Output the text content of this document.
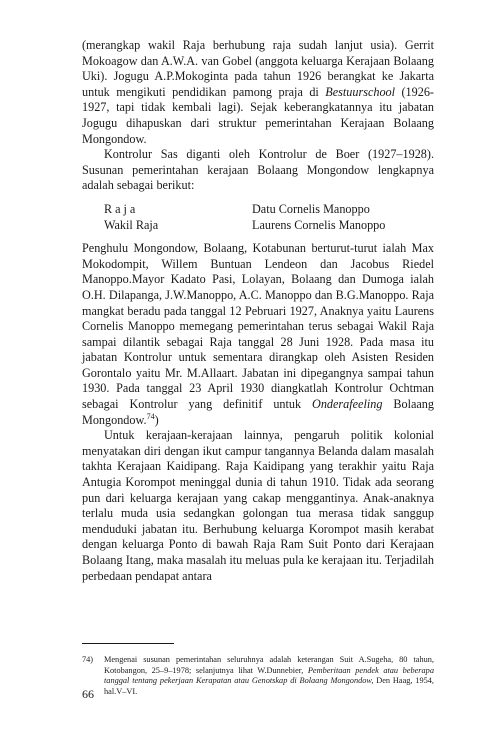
(merangkap wakil Raja berhubung raja sudah lanjut usia). Gerrit Mokoagow dan A.W.A. van Gobel (anggota keluarga Kerajaan Bolaang Uki). Jogugu A.P.Mokoginta pada tahun 1926 berangkat ke Jakarta untuk mengikuti pendidikan pamong praja di Bestuurschool (1926-1927, tapi tidak kembali lagi). Sejak keberangkatannya itu jabatan Jogugu dihapuskan dari struktur pemerintahan Kerajaan Bolaang Mongondow.

Kontrolur Sas diganti oleh Kontrolur de Boer (1927–1928). Susunan pemerintahan kerajaan Bolaang Mongondow lengkapnya adalah sebagai berikut:

Raja	Datu Cornelis Manoppo
Wakil Raja	Laurens Cornelis Manoppo

Penghulu Mongondow, Bolaang, Kotabunan berturut-turut ialah Max Mokodompit, Willem Buntuan Lendeon dan Jacobus Riedel Manoppo.Mayor Kadato Pasi, Lolayan, Bolaang dan Dumoga ialah O.H. Dilapanga, J.W.Manoppo, A.C. Manoppo dan B.G.Manoppo. Raja mangkat beradu pada tanggal 12 Pebruari 1927, Anaknya yaitu Laurens Cornelis Manoppo memegang pemerintahan terus sebagai Wakil Raja sampai dilantik sebagai Raja tanggal 28 Juni 1928. Pada masa itu jabatan Kontrolur untuk sementara dirangkap oleh Asisten Residen Gorontalo yaitu Mr. M.Allaart. Jabatan ini dipegangnya sampai tahun 1930. Pada tanggal 23 April 1930 diangkatlah Kontrolur Ochtman sebagai Kontrolur yang definitif untuk Onderafeeling Bolaang Mongondow.$^{74}$)

Untuk kerajaan-kerajaan lainnya, pengaruh politik kolonial menyatakan diri dengan ikut campur tangannya Belanda dalam masalah takhta Kerajaan Kaidipang. Raja Kaidipang yang terakhir yaitu Raja Antugia Korompot meninggal dunia di tahun 1910. Tidak ada seorang pun dari keluarga kerajaan yang cakap menggantinya. Anak-anaknya terlalu muda usia sedangkan golongan tua merasa tidak sanggup menduduki jabatan itu. Berhubung keluarga Korompot masih kerabat dengan keluarga Ponto di bawah Raja Ram Suit Ponto dari Kerajaan Bolaang Itang, maka masalah itu meluas pula ke kerajaan itu. Terjadilah perbedaan pendapat antara

74) Mengenai susunan pemerintahan seluruhnya adalah keterangan Suit A.Sugeha, 80 tahun, Kotobangon, 25–9–1978; selanjutnya lihat W.Dunnebier, Pemberitaan pendek atau beberapa tanggal tentang pekerjaan Kerapatan atau Genotskap di Bolaang Mongondow, Den Haag, 1954, hal.V–VI.
66
